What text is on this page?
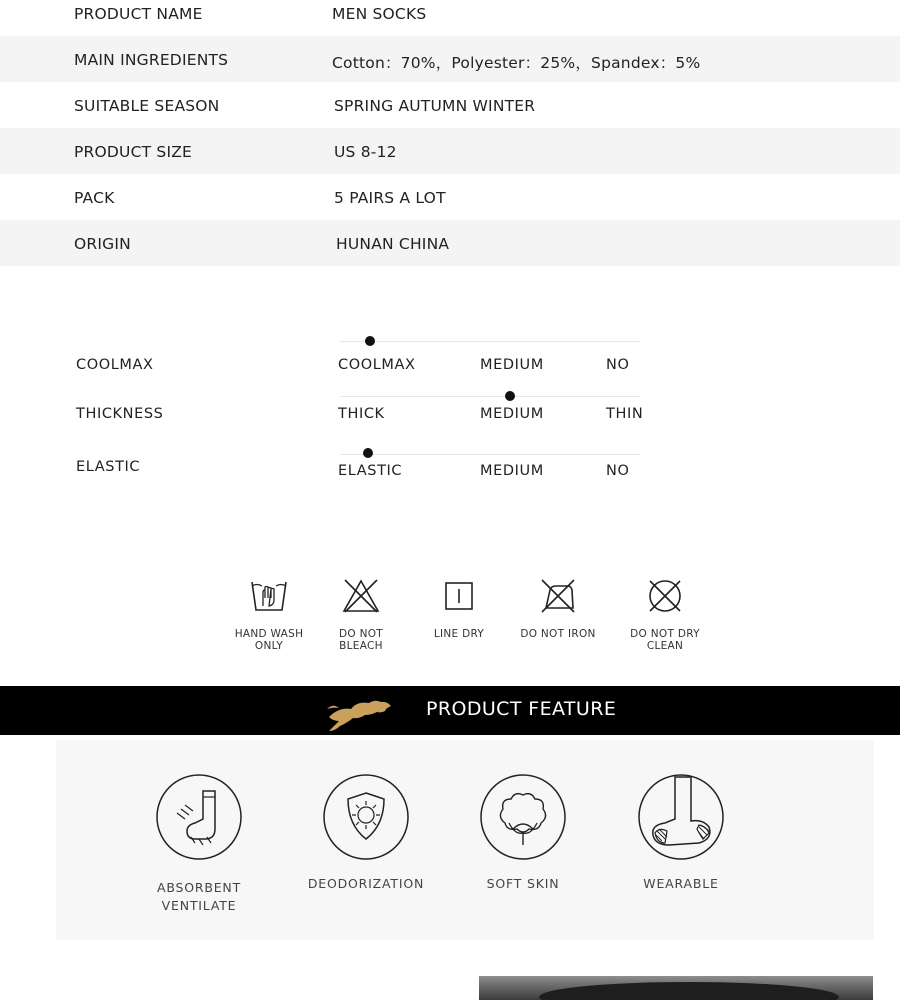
PRODUCT NAME	MEN SOCKS
MAIN INGREDIENTS	Cotton：70%，Polyester：25%，Spandex：5%
SUITABLE SEASON	SPRING AUTUMN WINTER
PRODUCT SIZE	US 8-12
PACK	5 PAIRS A LOT
ORIGIN	HUNAN CHINA
COOLMAX	COOLMAX	MEDIUM	NO
THICKNESS	THICK	MEDIUM	THIN
ELASTIC	ELASTIC	MEDIUM	NO
HAND WASH
ONLY
DO NOT
BLEACH
LINE DRY	DO NOT IRON	DO NOT DRY
CLEAN
PRODUCT FEATURE
ABSORBENT
VENTILATE
DEODORIZATION	SOFT SKIN	WEARABLE
